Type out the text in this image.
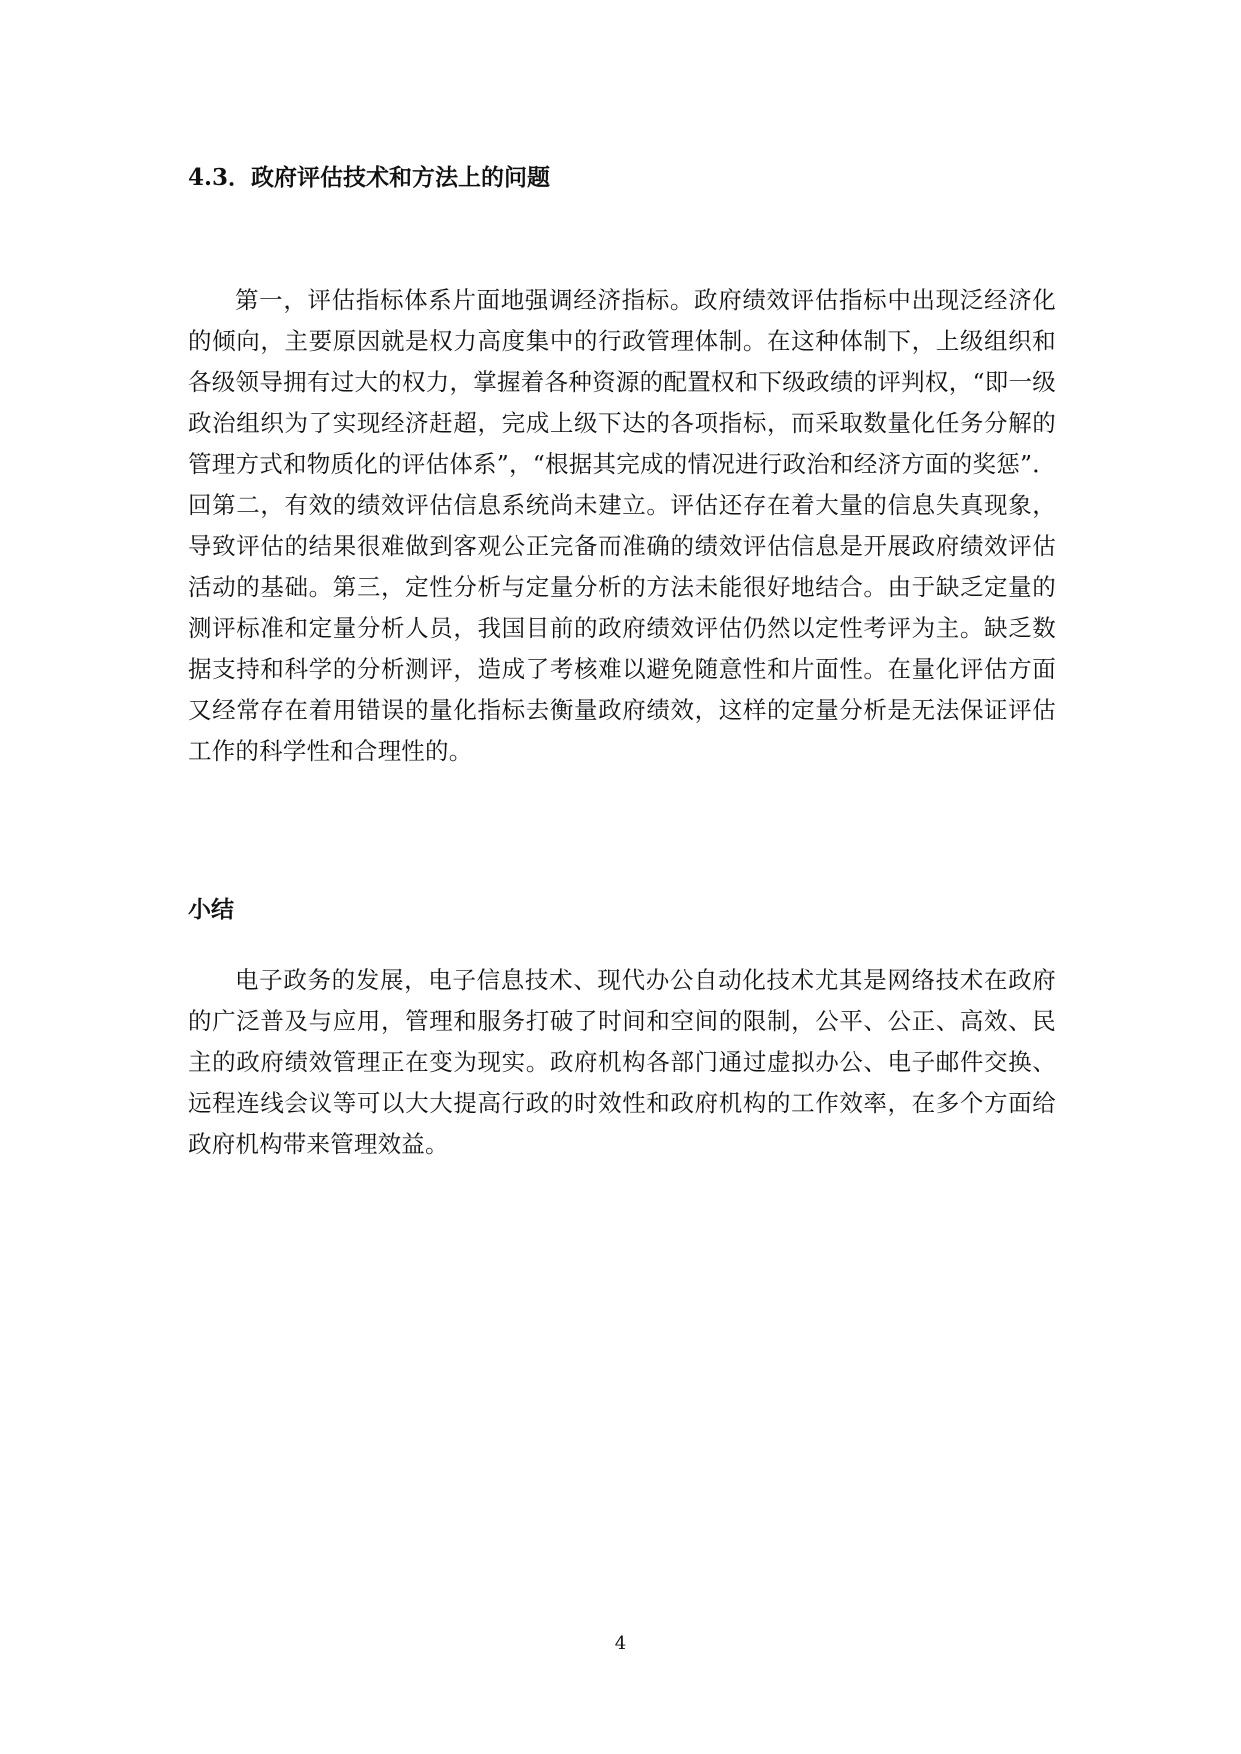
4.3．政府评估技术和方法上的问题

第一，评估指标体系片面地强调经济指标。政府绩效评估指标中出现泛经济化的倾向，主要原因就是权力高度集中的行政管理体制。在这种体制下，上级组织和各级领导拥有过大的权力，掌握着各种资源的配置权和下级政绩的评判权，“即一级政治组织为了实现经济赶超，完成上级下达的各项指标，而采取数量化任务分解的管理方式和物质化的评估体系”，“根据其完成的情况进行政治和经济方面的奖惩”．回第二，有效的绩效评估信息系统尚未建立。评估还存在着大量的信息失真现象，导致评估的结果很难做到客观公正完备而准确的绩效评估信息是开展政府绩效评估活动的基础。第三，定性分析与定量分析的方法未能很好地结合。由于缺乏定量的测评标准和定量分析人员，我国目前的政府绩效评估仍然以定性考评为主。缺乏数据支持和科学的分析测评，造成了考核难以避免随意性和片面性。在量化评估方面又经常存在着用错误的量化指标去衡量政府绩效，这样的定量分析是无法保证评估工作的科学性和合理性的。

小结

电子政务的发展，电子信息技术、现代办公自动化技术尤其是网络技术在政府的广泛普及与应用，管理和服务打破了时间和空间的限制，公平、公正、高效、民主的政府绩效管理正在变为现实。政府机构各部门通过虚拟办公、电子邮件交换、远程连线会议等可以大大提高行政的时效性和政府机构的工作效率，在多个方面给政府机构带来管理效益。

4
